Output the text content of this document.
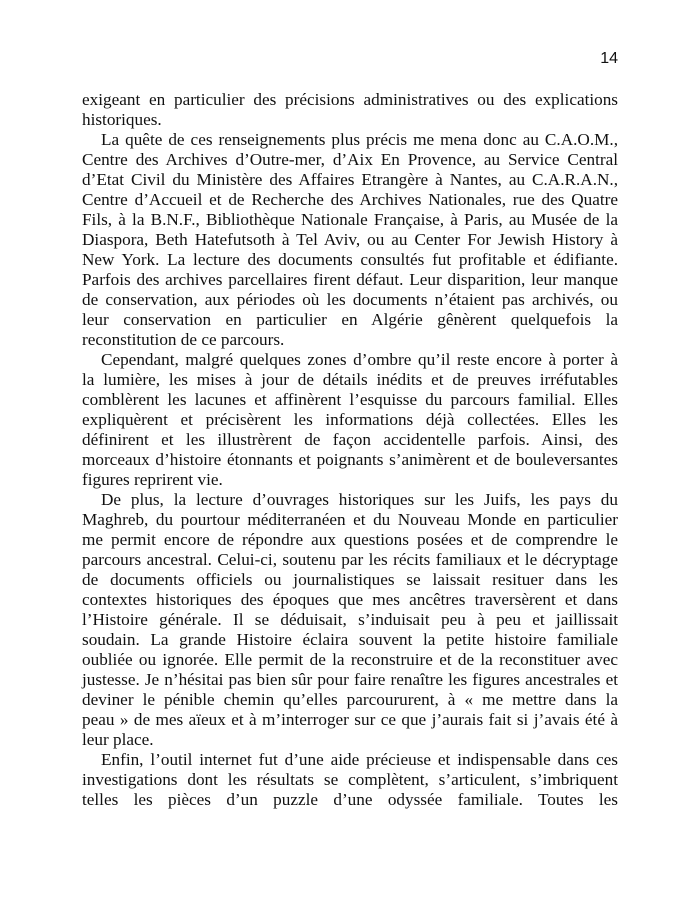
14
exigeant en particulier des précisions administratives ou des explications
historiques.
La quête de ces renseignements plus précis me mena donc au C.A.O.M.,
Centre des Archives d’Outre-mer, d’Aix En Provence, au Service Central
d’Etat Civil du Ministère des Affaires Etrangère à Nantes, au C.A.R.A.N.,
Centre d’Accueil et de Recherche des Archives Nationales, rue des Quatre
Fils, à la B.N.F., Bibliothèque Nationale Française, à Paris, au Musée de la
Diaspora, Beth Hatefutsoth à Tel Aviv, ou au Center For Jewish History à
New York. La lecture des documents consultés fut profitable et édifiante.
Parfois des archives parcellaires firent défaut. Leur disparition, leur manque
de conservation, aux périodes où les documents n’étaient pas archivés, ou
leur conservation en particulier en Algérie gênèrent quelquefois la
reconstitution de ce parcours.
Cependant, malgré quelques zones d’ombre qu’il reste encore à porter à
la lumière, les mises à jour de détails inédits et de preuves irréfutables
comblèrent les lacunes et affinèrent l’esquisse du parcours familial. Elles
expliquèrent et précisèrent les informations déjà collectées. Elles les
définirent et les illustrèrent de façon accidentelle parfois. Ainsi, des
morceaux d’histoire étonnants et poignants s’animèrent et de bouleversantes
figures reprirent vie.
De plus, la lecture d’ouvrages historiques sur les Juifs, les pays du
Maghreb, du pourtour méditerranéen et du Nouveau Monde en particulier
me permit encore de répondre aux questions posées et de comprendre le
parcours ancestral. Celui-ci, soutenu par les récits familiaux et le décryptage
de documents officiels ou journalistiques se laissait resituer dans les
contextes historiques des époques que mes ancêtres traversèrent et dans
l’Histoire générale. Il se déduisait, s’induisait peu à peu et jaillissait
soudain. La grande Histoire éclaira souvent la petite histoire familiale
oubliée ou ignorée. Elle permit de la reconstruire et de la reconstituer avec
justesse. Je n’hésitai pas bien sûr pour faire renaître les figures ancestrales et
deviner le pénible chemin qu’elles parcoururent, à « me mettre dans la
peau » de mes aïeux et à m’interroger sur ce que j’aurais fait si j’avais été à
leur place.
Enfin, l’outil internet fut d’une aide précieuse et indispensable dans ces
investigations dont les résultats se complètent, s’articulent, s’imbriquent
telles les pièces d’un puzzle d’une odyssée familiale. Toutes les
